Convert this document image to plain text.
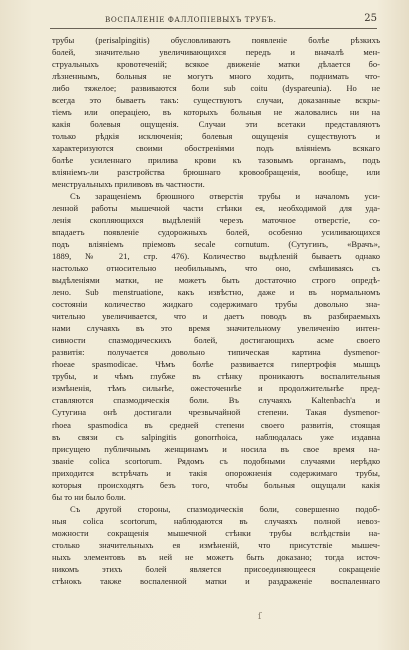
ВОСПАЛЕНІЕ ФАЛЛОПІЕВЫХЪ ТРУБЪ.	25
трубы (perisalpingitis) обусловливаютъ появленіе болѣе рѣзкихъ
болей, значительно увеличивающихся передъ и вначалѣ мен-
струальныхъ кровотеченій; всякое движеніе матки дѣлается бо-
лѣзненнымъ, больныя не могутъ много ходить, поднимать что-
либо тяжелое; развиваются боли sub coitu (dyspareunia). Но не
всегда это бываетъ такъ: существуютъ случаи, доказанные вскры-
тіемъ или операціею, въ которыхъ больныя не жаловались ни на
какія болевыя ощущенія. Случаи эти всетаки представляютъ
только рѣдкія исключенія; болевыя ощущенія существуютъ и
характеризуются своими обостреніями подъ вліяніемъ всякаго
болѣе усиленнаго прилива крови къ тазовымъ органамъ, подъ
вліяніемъ-ли разстройства брюшнаго кровообращенія, вообще, или
менструальныхъ приливовъ въ частности.
Съ заращеніемъ брюшного отверстія трубы и началомъ уси-
ленной работы мышечной части стѣнки ея, необходимой для уда-
ленія скопляющихся выдѣленій черезъ маточное отверстіе, со-
впадаетъ появленіе судорожныхъ болей, особенно усиливающихся
подъ вліяніемъ пріемовъ secale cornutum. (Сутугинъ, «Врачъ»,
1889, № 21, стр. 476). Количество выдѣленій бываетъ однако
настолько относительно необильнымъ, что оно, смѣшиваясь съ
выдѣленіями матки, не можетъ быть достаточно строго опредѣ-
лено. Sub menstruatione, какъ извѣстно, даже и въ нормальномъ
состояніи количество жидкаго содержимаго трубы довольно зна-
чительно увеличивается, что и даетъ поводъ въ разбираемыхъ
нами случаяхъ въ это время значительному увеличенію интен-
сивности спазмодическихъ болей, достигающихъ асме своего
развитія: получается довольно типическая картина dysmenor-
rhoeae spasmodicae. Чѣмъ болѣе развивается гипертрофія мышцъ
трубы, и чѣмъ глубже въ стѣнку проникаютъ воспалительныя
измѣненія, тѣмъ сильнѣе, ожесточеннѣе и продолжительнѣе пред-
ставляются спазмодическія боли. Въ случаяхъ Kaltenbach'а и
Сутугина онѣ достигали чрезвычайной степени. Такая dysmenor-
rhoea spasmodica въ средней степени своего развитія, стоящая
въ связи съ salpingitis gonorrhoica, наблюдалась уже издавна
присущею публичнымъ женщинамъ и носила въ свое время на-
званіе colica scortorum. Рядомъ съ подобными случаями нерѣдко
приходится встрѣчать и такія опорожненія содержимаго трубы,
которыя происходятъ безъ того, чтобы больныя ощущали какія
бы то ни было боли.
Съ другой стороны, спазмодическія боли, совершенно подоб-
ныя colica scortorum, наблюдаются въ случаяхъ полной невоз-
можности сокращенія мышечной стѣнки трубы вслѣдствіи на-
столько значительныхъ ея измѣненій, что присутствіе мышеч-
ныхъ элементовъ въ ней не можетъ быть доказано; тогда источ-
никомъ этихъ болей является присоединяющееся сокращеніе
стѣнокъ также воспаленной матки и раздраженіе воспаленнаго
ſ
